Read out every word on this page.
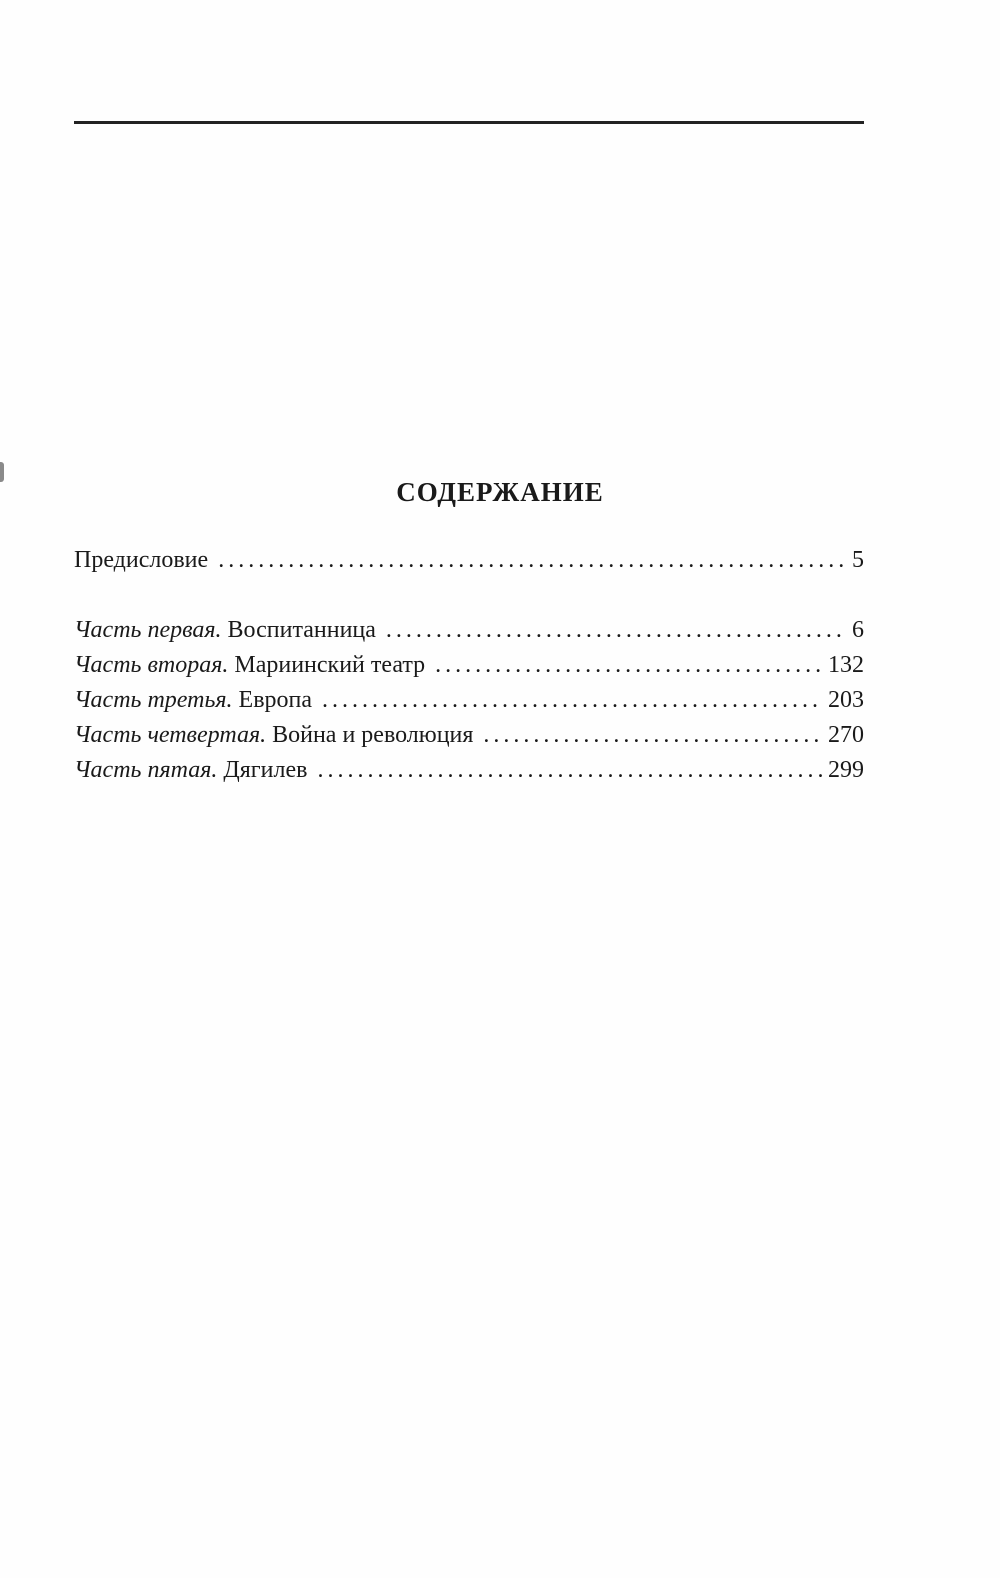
СОДЕРЖАНИЕ
Предисловие . . .	5
Часть первая. Воспитанница . . .	6
Часть вторая. Мариинский театр . . .	132
Часть третья. Европа . . .	203
Часть четвертая. Война и революция . . .	270
Часть пятая. Дягилев . . .	299
